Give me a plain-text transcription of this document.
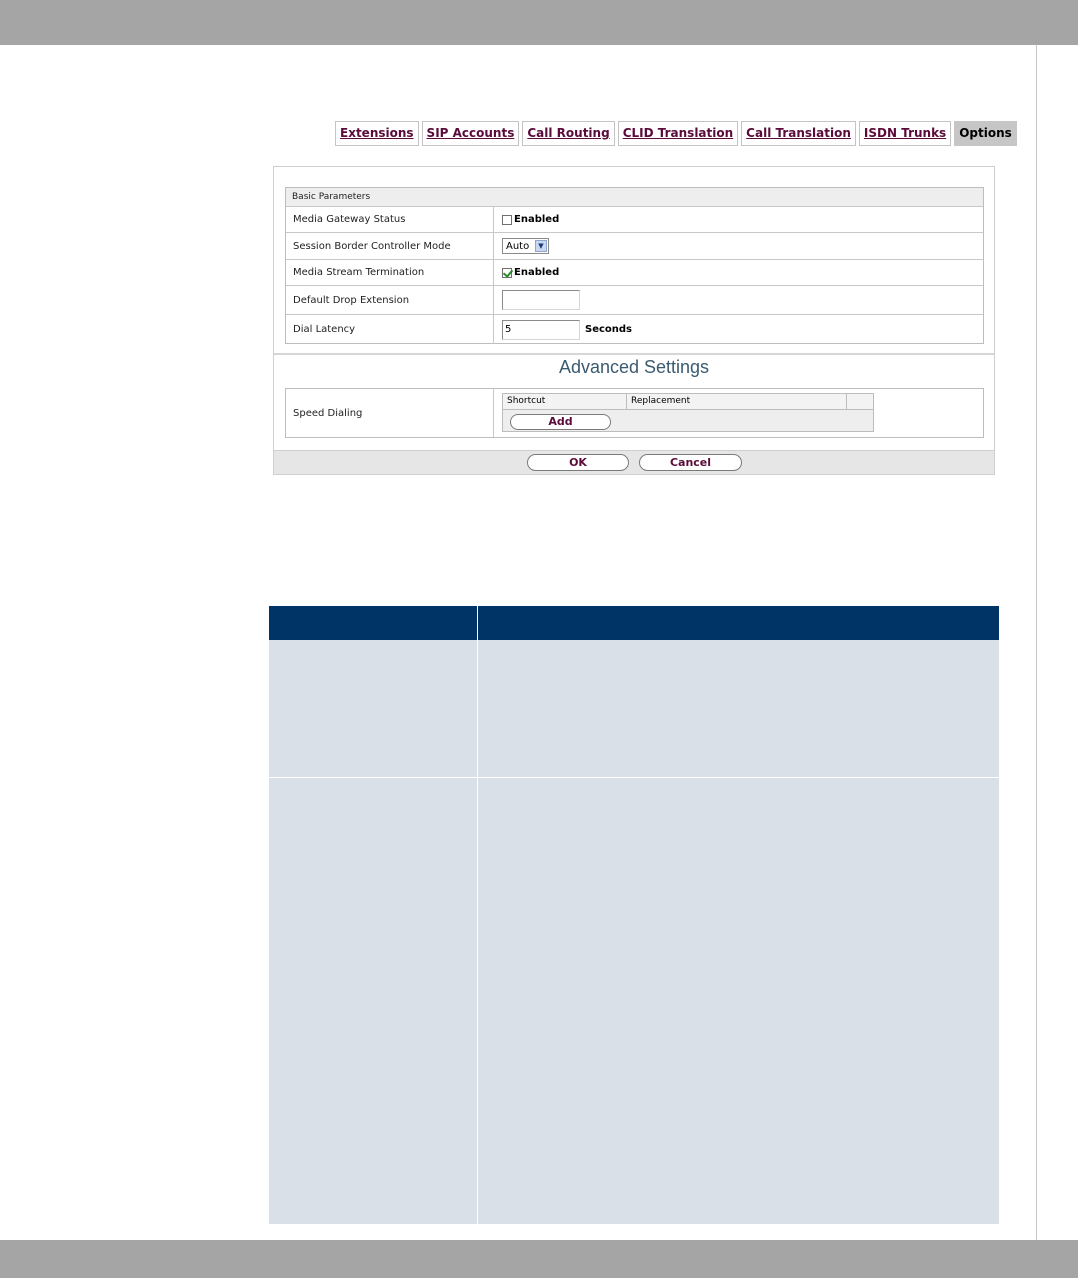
Extensions	SIP Accounts	Call Routing	CLID Translation	Call Translation	ISDN Trunks	Options
Basic Parameters
Media Gateway Status	Enabled
Session Border Controller Mode	Auto	▼
Media Stream Termination	Enabled
Default Drop Extension
Dial Latency	5	Seconds
Advanced Settings
Speed Dialing
Shortcut	Replacement
Add
OK	Cancel
